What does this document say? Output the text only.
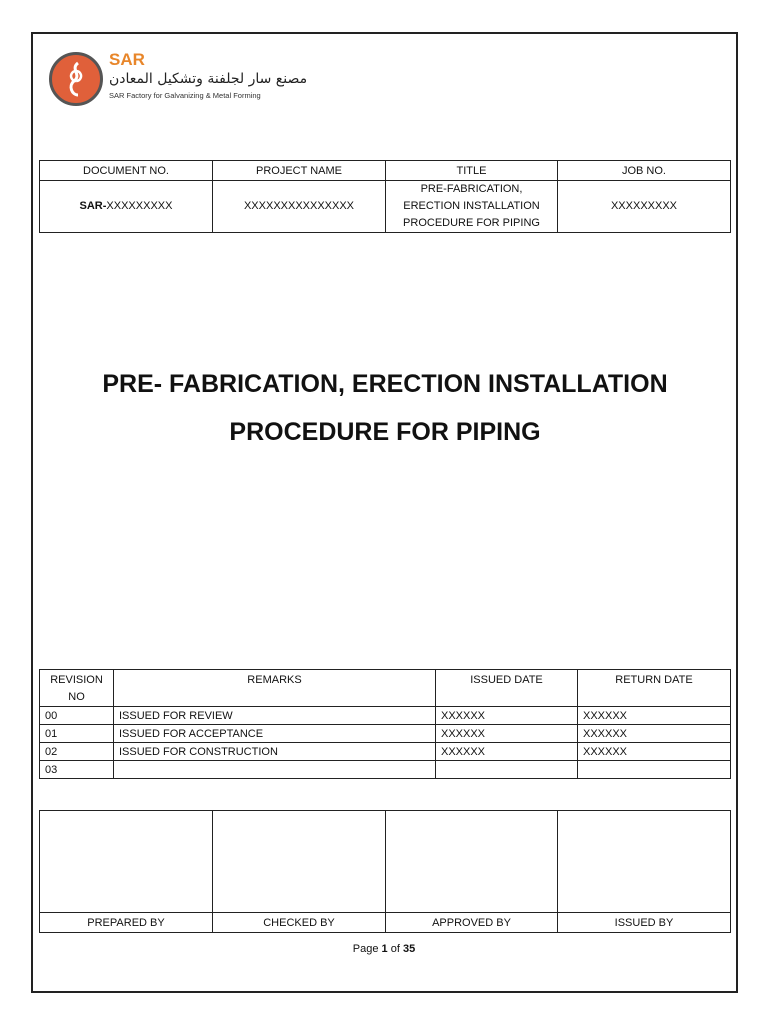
SAR
مصنع سار لجلفنة وتشكيل المعادن
SAR Factory for Galvanizing & Metal Forming
DOCUMENT NO.	PROJECT NAME	TITLE	JOB NO.
SAR-XXXXXXXXX	XXXXXXXXXXXXXXX	PRE-FABRICATION,
ERECTION INSTALLATION
PROCEDURE FOR PIPING	XXXXXXXXX
PRE- FABRICATION, ERECTION INSTALLATION
PROCEDURE FOR PIPING
REVISION NO	REMARKS	ISSUED DATE	RETURN DATE
00	ISSUED FOR REVIEW	XXXXXX	XXXXXX
01	ISSUED FOR ACCEPTANCE	XXXXXX	XXXXXX
02	ISSUED FOR CONSTRUCTION	XXXXXX	XXXXXX
03			

PREPARED BY	CHECKED BY	APPROVED BY	ISSUED BY
Page 1 of 35
